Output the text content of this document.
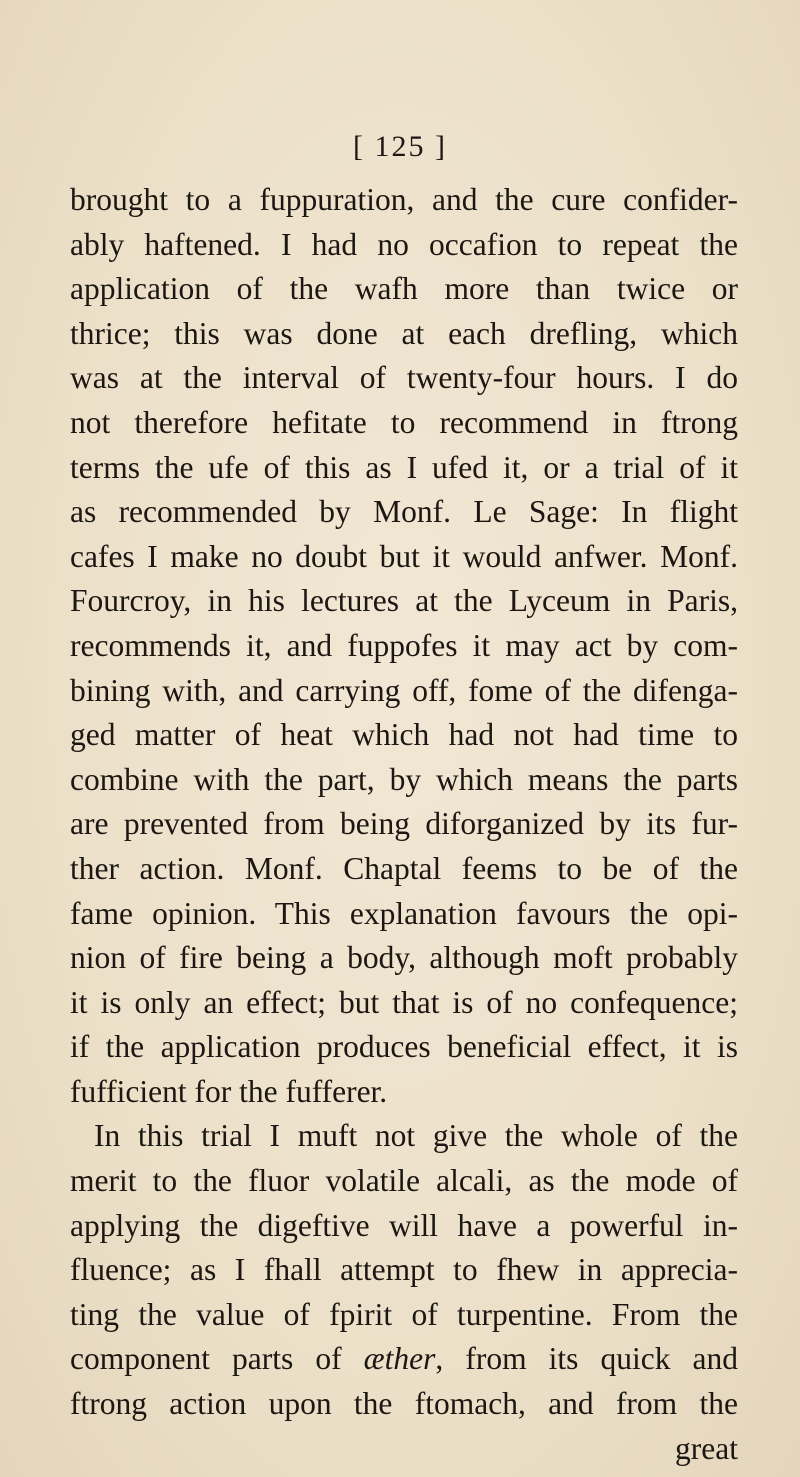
[ 125 ]
brought to a fuppuration, and the cure confider-
ably haftened. I had no occafion to repeat the
application of the wafh more than twice or
thrice; this was done at each drefling, which
was at the interval of twenty-four hours. I do
not therefore hefitate to recommend in ftrong
terms the ufe of this as I ufed it, or a trial of it
as recommended by Monf. Le Sage: In flight
cafes I make no doubt but it would anfwer. Monf.
Fourcroy, in his lectures at the Lyceum in Paris,
recommends it, and fuppofes it may act by com-
bining with, and carrying off, fome of the difenga-
ged matter of heat which had not had time to
combine with the part, by which means the parts
are prevented from being diforganized by its fur-
ther action. Monf. Chaptal feems to be of the
fame opinion. This explanation favours the opi-
nion of fire being a body, although moft probably
it is only an effect; but that is of no confequence;
if the application produces beneficial effect, it is
fufficient for the fufferer.
In this trial I muft not give the whole of the
merit to the fluor volatile alcali, as the mode of
applying the digeftive will have a powerful in-
fluence; as I fhall attempt to fhew in apprecia-
ting the value of fpirit of turpentine. From the
component parts of æther, from its quick and
ftrong action upon the ftomach, and from the
great
